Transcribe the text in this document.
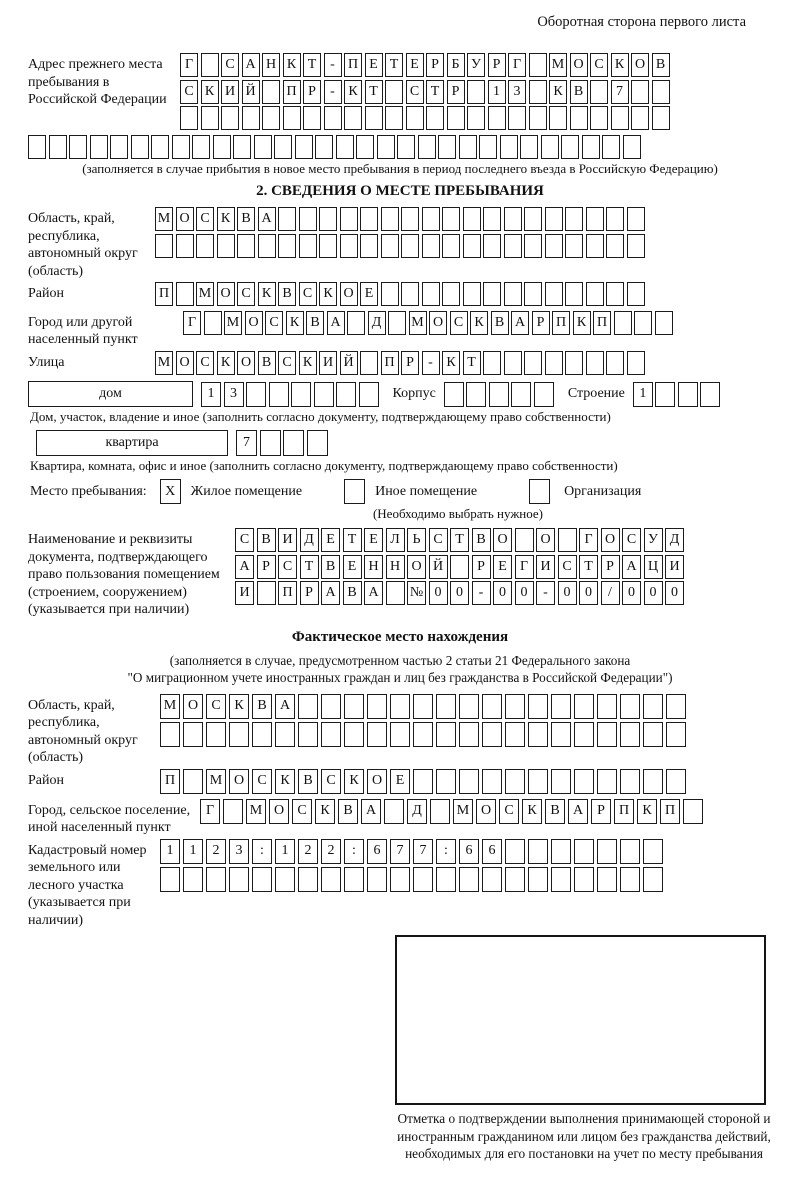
Оборотная сторона первого листа
Адрес прежнего места пребывания в Российской Федерации
Г	С А Н К Т - П Е Т Е Р Б У Р Г	М О С К О В
С К И Й П Р	- К Т	С Т Р	1 3	К В	7
(заполняется в случае прибытия в новое место пребывания в период последнего въезда в Российскую Федерацию)
2. СВЕДЕНИЯ О МЕСТЕ ПРЕБЫВАНИЯ
Область, край, республика, автономный округ (область)
М О С К В А
Район	П М О С К В С К О Е
Город или другой населенный пункт
Г	М О С К В А	Д	М О С К В А Р П К П
Улица	М О С К О В С К И Й П Р	- К Т
дом	1	3	Корпус	Строение	1
Дом, участок, владение и иное (заполнить согласно документу, подтверждающему право собственности)
квартира	7
Квартира, комната, офис и иное (заполнить согласно документу, подтверждающему право собственности)
Место пребывания:	X	Жилое помещение	Иное помещение	Организация
(Необходимо выбрать нужное)
Наименование и реквизиты документа, подтверждающего право пользования помещением (строением, сооружением) (указывается при наличии)
С В И Д Е Т Е Л Ь С Т В О	О	Г О С У Д
А Р С Т В Е Н Н О Й	Р Е Г И С Т Р А Ц И
И	П Р А В А	№ 0	0	-	0	0	-	0	0	/	0	0	0
Фактическое место нахождения
(заполняется в случае, предусмотренном частью 2 статьи 21 Федерального закона
"О миграционном учете иностранных граждан и лиц без гражданства в Российской Федерации")
Область, край, республика, автономный округ (область)
М О С К В А
Район	П	М О С К В С К О Е
Город, сельское поселение, иной населенный пункт
Г	М О С К В А	Д	М О С К В А	Р	П К П
Кадастровый номер земельного или лесного участка (указывается при наличии)
1	1	2	3	:	1	2	2	:	6	7	7	:	6	6
Отметка о подтверждении выполнения принимающей стороной и иностранным гражданином или лицом без гражданства действий, необходимых для его постановки на учет по месту пребывания
